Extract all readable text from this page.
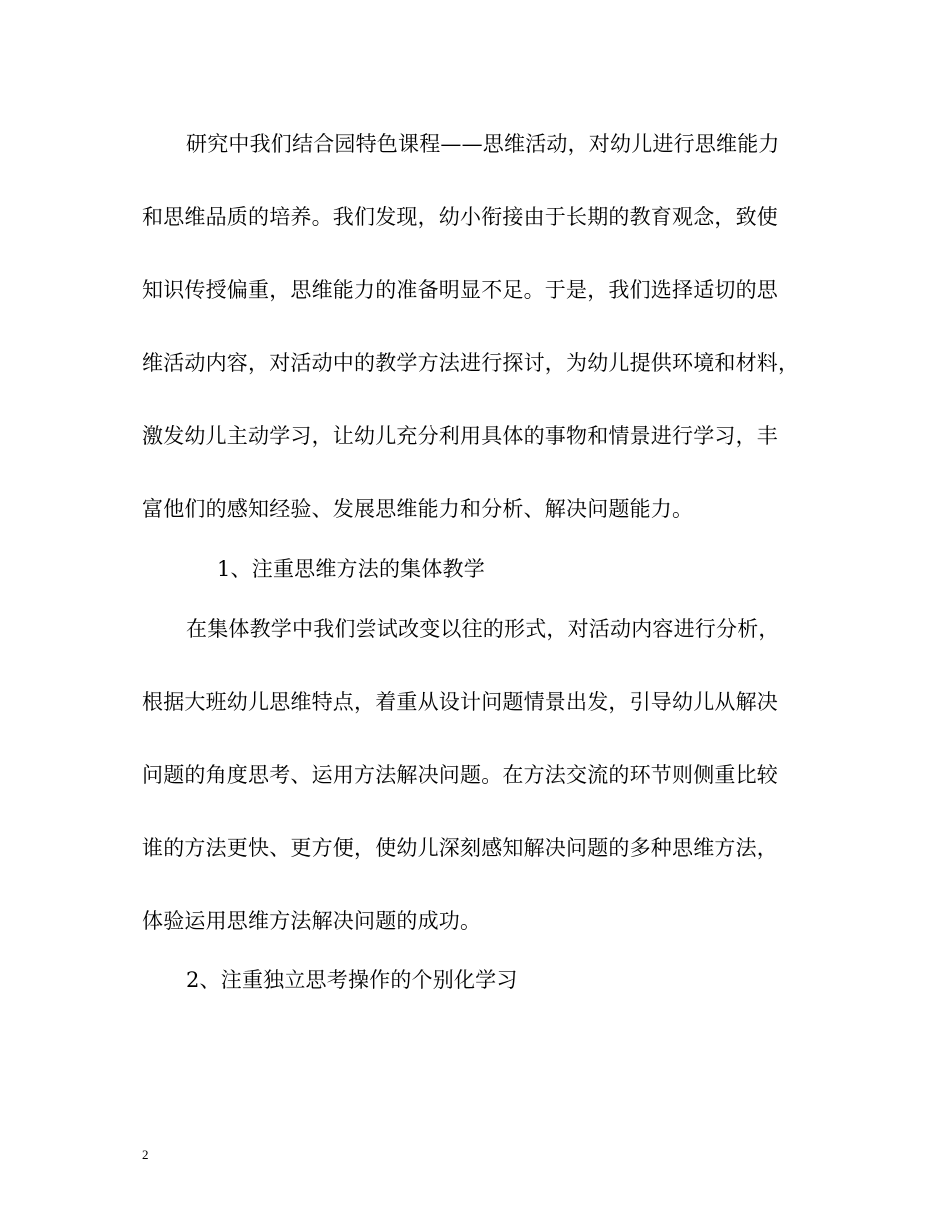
研究中我们结合园特色课程——思维活动，对幼儿进行思维能力
和思维品质的培养。我们发现，幼小衔接由于长期的教育观念，致使
知识传授偏重，思维能力的准备明显不足。于是，我们选择适切的思
维活动内容，对活动中的教学方法进行探讨，为幼儿提供环境和材料，
激发幼儿主动学习，让幼儿充分利用具体的事物和情景进行学习，丰
富他们的感知经验、发展思维能力和分析、解决问题能力。
1、注重思维方法的集体教学
在集体教学中我们尝试改变以往的形式，对活动内容进行分析，
根据大班幼儿思维特点，着重从设计问题情景出发，引导幼儿从解决
问题的角度思考、运用方法解决问题。在方法交流的环节则侧重比较
谁的方法更快、更方便，使幼儿深刻感知解决问题的多种思维方法，
体验运用思维方法解决问题的成功。
2、注重独立思考操作的个别化学习
2
